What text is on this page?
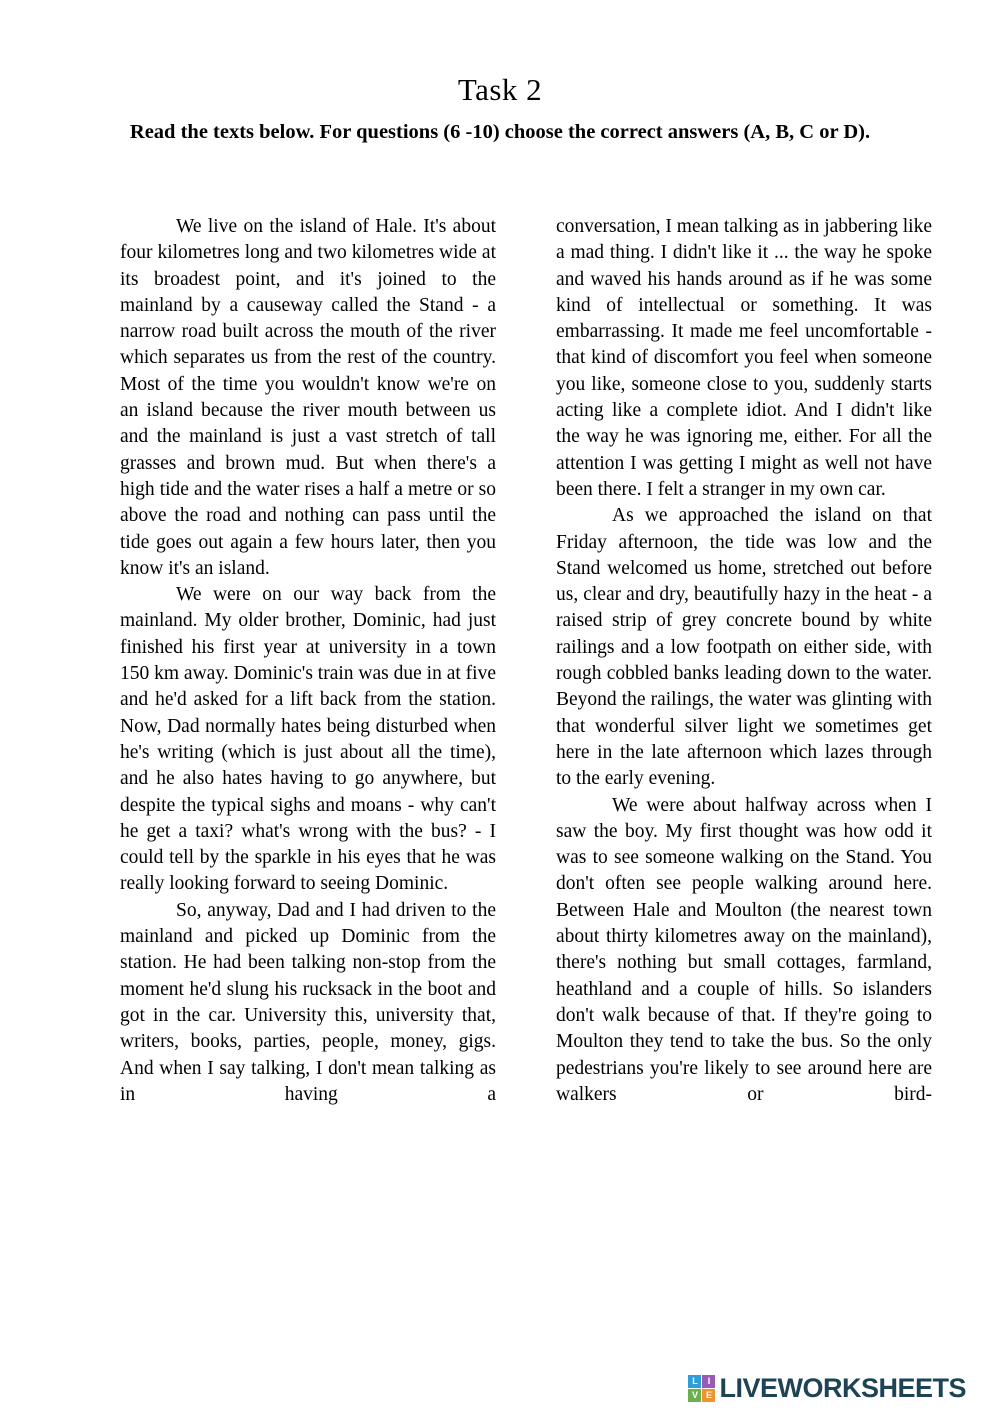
Task 2

Read the texts below. For questions (6 -10) choose the correct answers (A, B, C or D).

We live on the island of Hale. It's about four kilometres long and two kilometres wide at its broadest point, and it's joined to the mainland by a causeway called the Stand - a narrow road built across the mouth of the river which separates us from the rest of the country. Most of the time you wouldn't know we're on an island because the river mouth between us and the mainland is just a vast stretch of tall grasses and brown mud. But when there's a high tide and the water rises a half a metre or so above the road and nothing can pass until the tide goes out again a few hours later, then you know it's an island.

We were on our way back from the mainland. My older brother, Dominic, had just finished his first year at university in a town 150 km away. Dominic's train was due in at five and he'd asked for a lift back from the station. Now, Dad normally hates being disturbed when he's writing (which is just about all the time), and he also hates having to go anywhere, but despite the typical sighs and moans - why can't he get a taxi? what's wrong with the bus? - I could tell by the sparkle in his eyes that he was really looking forward to seeing Dominic.

So, anyway, Dad and I had driven to the mainland and picked up Dominic from the station. He had been talking non-stop from the moment he'd slung his rucksack in the boot and got in the car. University this, university that, writers, books, parties, people, money, gigs. And when I say talking, I don't mean talking as in having a

conversation, I mean talking as in jabbering like a mad thing. I didn't like it ... the way he spoke and waved his hands around as if he was some kind of intellectual or something. It was embarrassing. It made me feel uncomfortable - that kind of discomfort you feel when someone you like, someone close to you, suddenly starts acting like a complete idiot. And I didn't like the way he was ignoring me, either. For all the attention I was getting I might as well not have been there. I felt a stranger in my own car.

As we approached the island on that Friday afternoon, the tide was low and the Stand welcomed us home, stretched out before us, clear and dry, beautifully hazy in the heat - a raised strip of grey concrete bound by white railings and a low footpath on either side, with rough cobbled banks leading down to the water. Beyond the railings, the water was glinting with that wonderful silver light we sometimes get here in the late afternoon which lazes through to the early evening.

We were about halfway across when I saw the boy. My first thought was how odd it was to see someone walking on the Stand. You don't often see people walking around here. Between Hale and Moulton (the nearest town about thirty kilometres away on the mainland), there's nothing but small cottages, farmland, heathland and a couple of hills. So islanders don't walk because of that. If they're going to Moulton they tend to take the bus. So the only pedestrians you're likely to see around here are walkers or bird-

L	I
V E LIVEWORKSHEETS
